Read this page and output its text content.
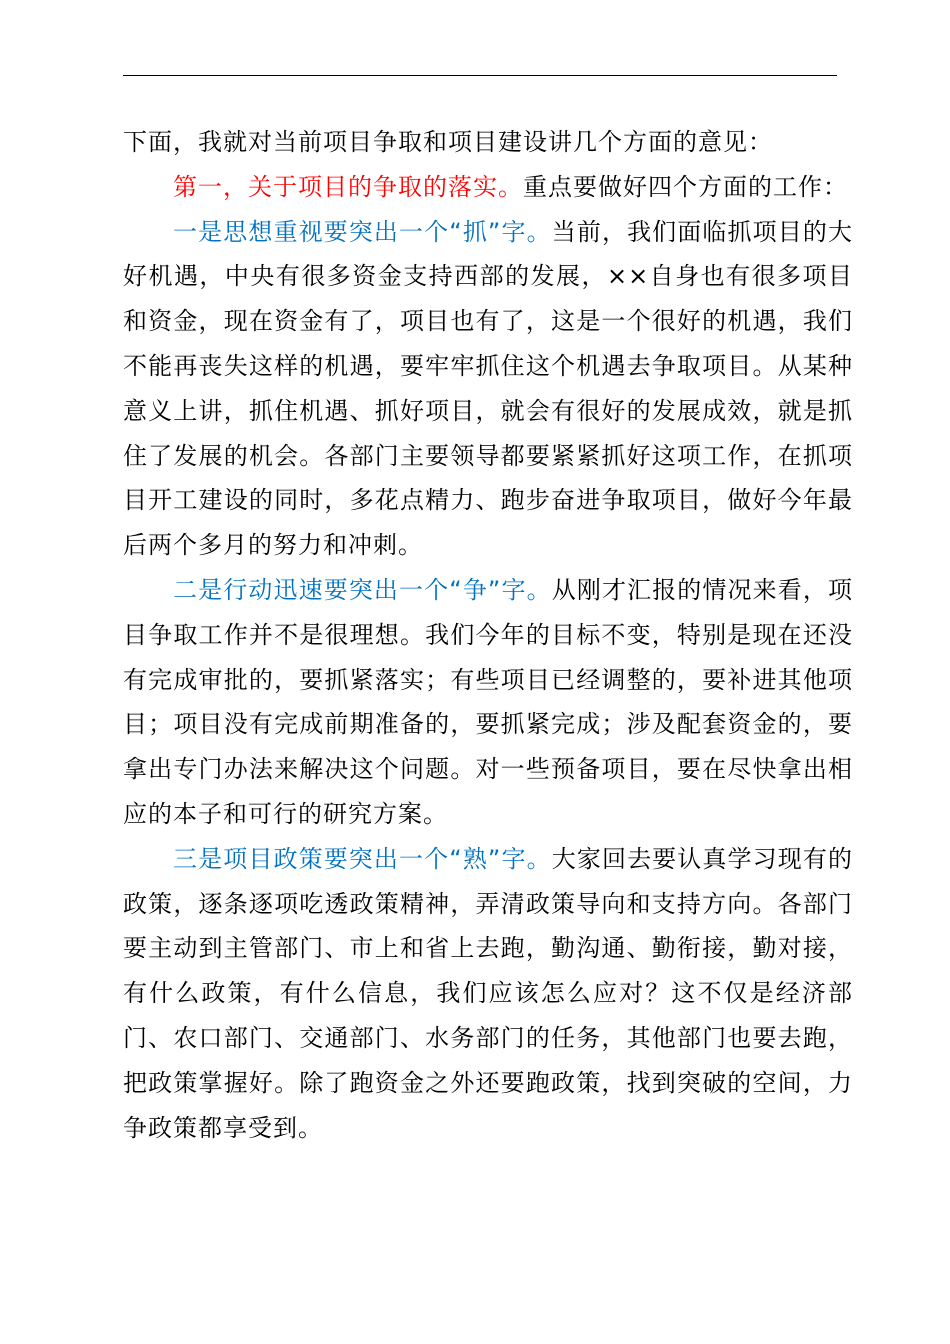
下面，我就对当前项目争取和项目建设讲几个方面的意见：

第一，关于项目的争取的落实。重点要做好四个方面的工作：

一是思想重视要突出一个“抓”字。当前，我们面临抓项目的大好机遇，中央有很多资金支持西部的发展，××自身也有很多项目和资金，现在资金有了，项目也有了，这是一个很好的机遇，我们不能再丧失这样的机遇，要牢牢抓住这个机遇去争取项目。从某种意义上讲，抓住机遇、抓好项目，就会有很好的发展成效，就是抓住了发展的机会。各部门主要领导都要紧紧抓好这项工作，在抓项目开工建设的同时，多花点精力、跑步奋进争取项目，做好今年最后两个多月的努力和冲刺。

二是行动迅速要突出一个“争”字。从刚才汇报的情况来看，项目争取工作并不是很理想。我们今年的目标不变，特别是现在还没有完成审批的，要抓紧落实；有些项目已经调整的，要补进其他项目；项目没有完成前期准备的，要抓紧完成；涉及配套资金的，要拿出专门办法来解决这个问题。对一些预备项目，要在尽快拿出相应的本子和可行的研究方案。

三是项目政策要突出一个“熟”字。大家回去要认真学习现有的政策，逐条逐项吃透政策精神，弄清政策导向和支持方向。各部门要主动到主管部门、市上和省上去跑，勤沟通、勤衔接，勤对接，有什么政策，有什么信息，我们应该怎么应对？这不仅是经济部门、农口部门、交通部门、水务部门的任务，其他部门也要去跑，把政策掌握好。除了跑资金之外还要跑政策，找到突破的空间，力争政策都享受到。
